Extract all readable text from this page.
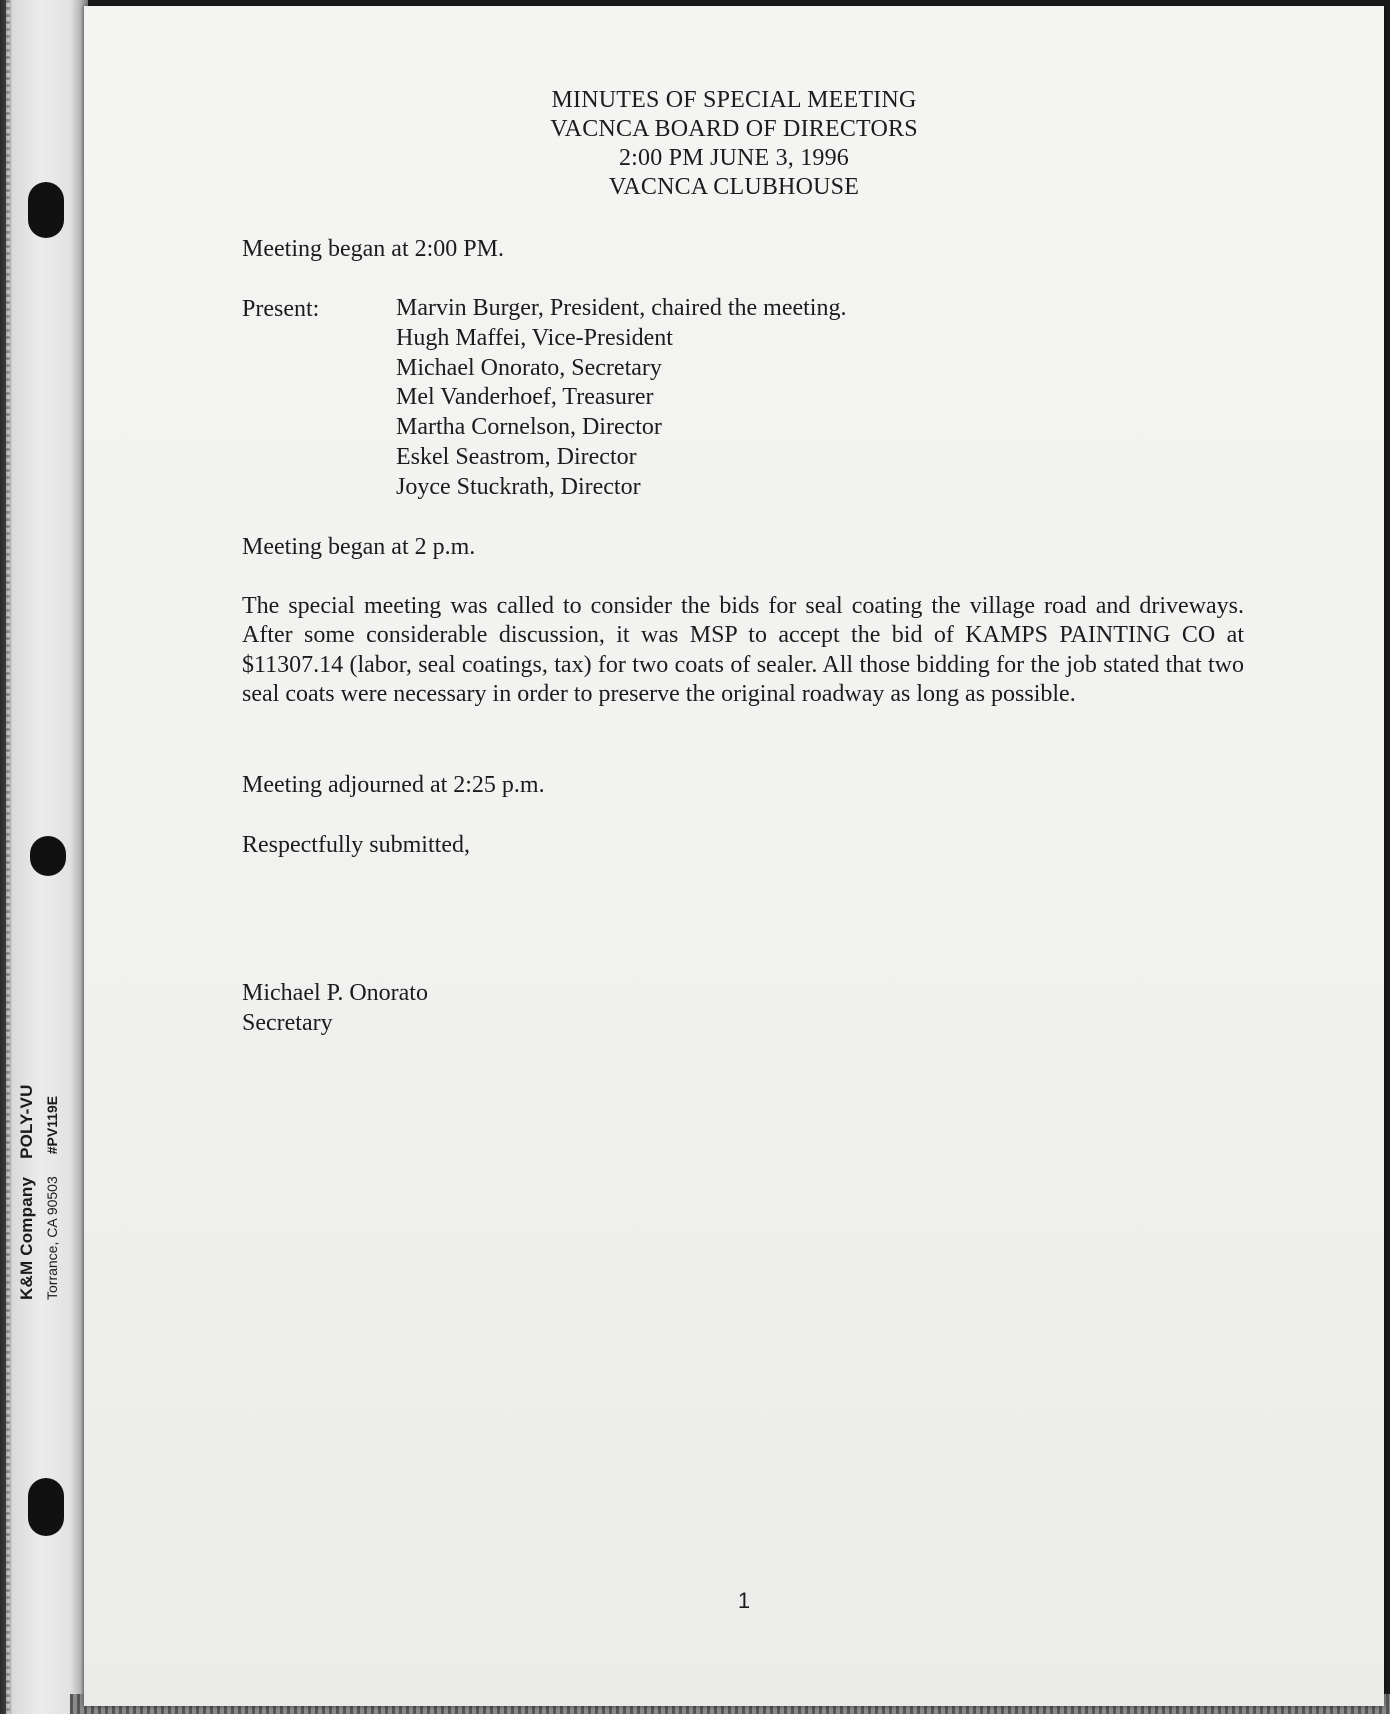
K&M CompanyPOLY-VU
Torrance, CA 90503#PV119E
MINUTES OF SPECIAL MEETING
VACNCA BOARD OF DIRECTORS
2:00 PM JUNE 3, 1996
VACNCA CLUBHOUSE
Meeting began at 2:00 PM.
Present:	Marvin Burger, President, chaired the meeting.
Hugh Maffei, Vice-President
Michael Onorato, Secretary
Mel Vanderhoef, Treasurer
Martha Cornelson, Director
Eskel Seastrom, Director
Joyce Stuckrath, Director
Meeting began at 2 p.m.
The special meeting was called to consider the bids for seal coating the village road and driveways. After some considerable discussion, it was MSP to accept the bid of KAMPS PAINTING CO at $11307.14 (labor, seal coatings, tax) for two coats of sealer. All those bidding for the job stated that two seal coats were necessary in order to preserve the original roadway as long as possible.
Meeting adjourned at 2:25 p.m.
Respectfully submitted,
Michael P. Onorato
Secretary
1
